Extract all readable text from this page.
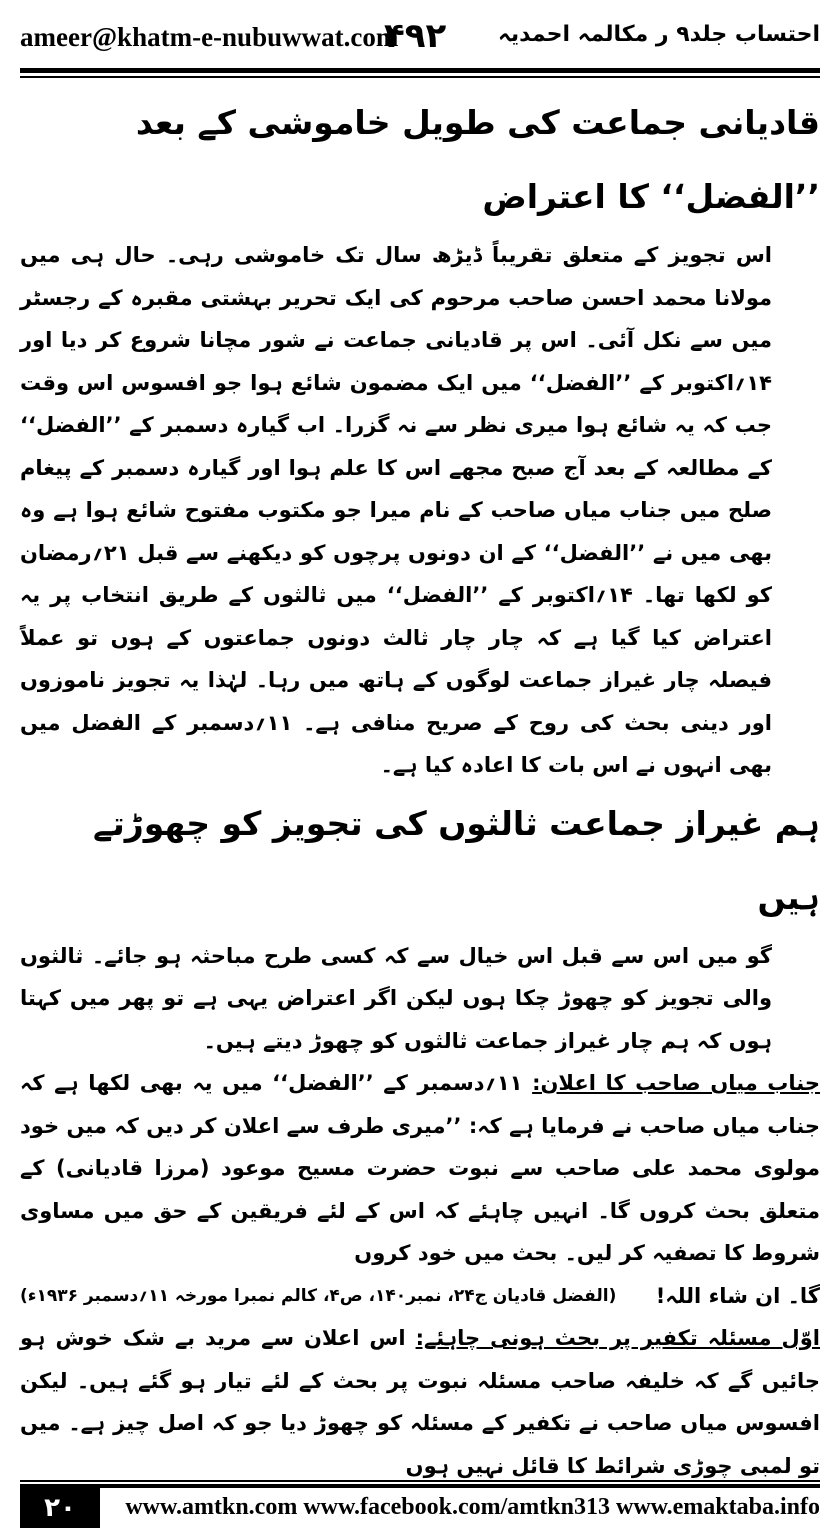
ameer@khatm-e-nubuwwat.com
۴۹۲ احتساب جلد۹ ر مکالمہ احمدیہ
قادیانی جماعت کی طویل خاموشی کے بعد ’’الفضل‘‘ کا اعتراض

اس تجویز کے متعلق تقریباً ڈیڑھ سال تک خاموشی رہی۔ حال ہی میں مولانا محمد احسن صاحب مرحوم کی ایک تحریر بہشتی مقبرہ کے رجسٹر میں سے نکل آئی۔ اس پر قادیانی جماعت نے شور مچانا شروع کر دیا اور ۱۴؍اکتوبر کے ’’الفضل‘‘ میں ایک مضمون شائع ہوا جو افسوس اس وقت جب کہ یہ شائع ہوا میری نظر سے نہ گزرا۔ اب گیارہ دسمبر کے ’’الفضل‘‘ کے مطالعہ کے بعد آج صبح مجھے اس کا علم ہوا اور گیارہ دسمبر کے پیغام صلح میں جناب میاں صاحب کے نام میرا جو مکتوب مفتوح شائع ہوا ہے وہ بھی میں نے ’’الفضل‘‘ کے ان دونوں پرچوں کو دیکھنے سے قبل ۲۱؍رمضان کو لکھا تھا۔ ۱۴؍اکتوبر کے ’’الفضل‘‘ میں ثالثوں کے طریق انتخاب پر یہ اعتراض کیا گیا ہے کہ چار چار ثالث دونوں جماعتوں کے ہوں تو عملاً فیصلہ چار غیراز جماعت لوگوں کے ہاتھ میں رہا۔ لہٰذا یہ تجویز ناموزوں اور دینی بحث کی روح کے صریح منافی ہے۔ ۱۱؍دسمبر کے الفضل میں بھی انہوں نے اس بات کا اعادہ کیا ہے۔

ہم غیراز جماعت ثالثوں کی تجویز کو چھوڑتے ہیں

گو میں اس سے قبل اس خیال سے کہ کسی طرح مباحثہ ہو جائے۔ ثالثوں والی تجویز کو چھوڑ چکا ہوں لیکن اگر اعتراض یہی ہے تو پھر میں کہتا ہوں کہ ہم چار غیراز جماعت ثالثوں کو چھوڑ دیتے ہیں۔

جناب میاں صاحب کا اعلان: ۱۱؍دسمبر کے ’’الفضل‘‘ میں یہ بھی لکھا ہے کہ جناب میاں صاحب نے فرمایا ہے کہ: ’’میری طرف سے اعلان کر دیں کہ میں خود مولوی محمد علی صاحب سے نبوت حضرت مسیح موعود (مرزا قادیانی) کے متعلق بحث کروں گا۔ انہیں چاہئے کہ اس کے لئے فریقین کے حق میں مساوی شروط کا تصفیہ کر لیں۔ بحث میں خود کروں

گا۔ ان شاء اللہ!
(الفضل قادیان ج۲۴، نمبر۱۴۰، ص۴، کالم نمبرا مورخہ ۱۱؍دسمبر ۱۹۳۶ء)

اوّل مسئلہ تکفیر پر بحث ہونی چاہئے: اس اعلان سے مرید بے شک خوش ہو جائیں گے کہ خلیفہ صاحب مسئلہ نبوت پر بحث کے لئے تیار ہو گئے ہیں۔ لیکن افسوس میاں صاحب نے تکفیر کے مسئلہ کو چھوڑ دیا جو کہ اصل چیز ہے۔ میں تو لمبی چوڑی شرائط کا قائل نہیں ہوں

۲۰	www.amtkn.com www.facebook.com/amtkn313 www.emaktaba.info
